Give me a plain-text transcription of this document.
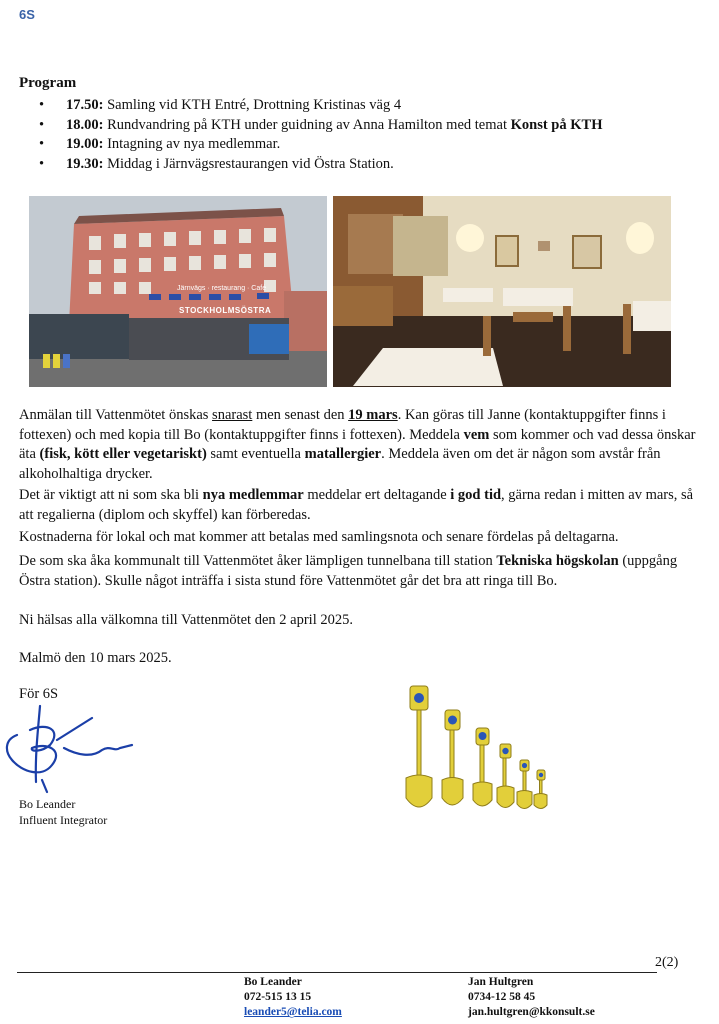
6S
Program
• 17.50: Samling vid KTH Entré, Drottning Kristinas väg 4
• 18.00: Rundvandring på KTH under guidning av Anna Hamilton med temat Konst på KTH
• 19.00: Intagning av nya medlemmar.
• 19.30: Middag i Järnvägsrestaurangen vid Östra Station.
Järnvägs · restaurang · Café
STOCKHOLMSÖSTRA
Anmälan till Vattenmötet önskas snarast men senast den 19 mars. Kan göras till Janne (kontaktuppgifter finns i fottexen) och med kopia till Bo (kontaktuppgifter finns i fottexen). Meddela vem som kommer och vad dessa önskar äta (fisk, kött eller vegetariskt) samt eventuella matallergier. Meddela även om det är någon som avstår från alkoholhaltiga drycker.
Det är viktigt att ni som ska bli nya medlemmar meddelar ert deltagande i god tid, gärna redan i mitten av mars, så att regalierna (diplom och skyffel) kan förberedas.
Kostnaderna för lokal och mat kommer att betalas med samlingsnota och senare fördelas på deltagarna.
De som ska åka kommunalt till Vattenmötet åker lämpligen tunnelbana till station Tekniska högskolan (uppgång Östra station). Skulle något inträffa i sista stund före Vattenmötet går det bra att ringa till Bo.
Ni hälsas alla välkomna till Vattenmötet den 2 april 2025.
Malmö den 10 mars 2025.
För 6S
Bo Leander
Influent Integrator
2(2)
Bo Leander
072-515 13 15
leander5@telia.com
Jan Hultgren
0734-12 58 45
jan.hultgren@kkonsult.se
